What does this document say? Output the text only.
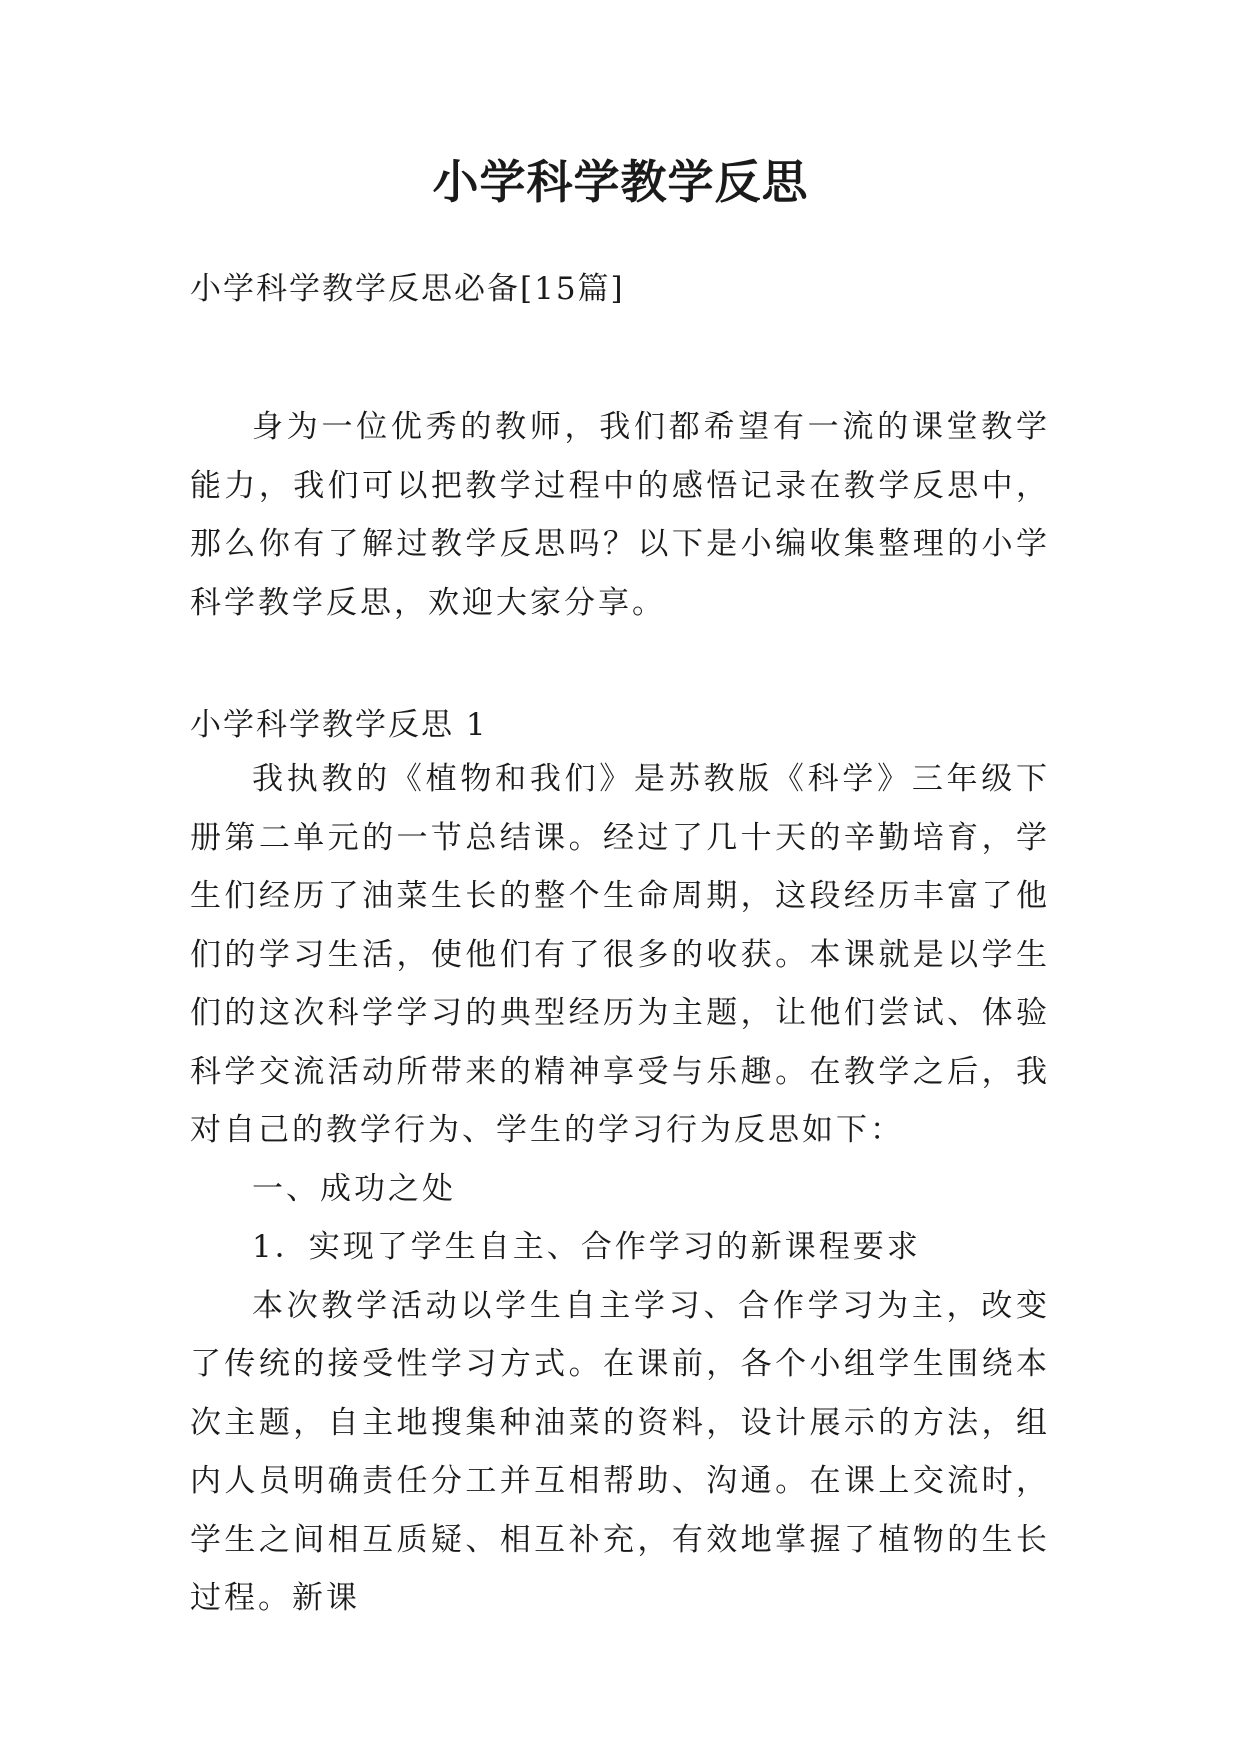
小学科学教学反思
小学科学教学反思必备[15篇]

身为一位优秀的教师，我们都希望有一流的课堂教学能力，我们可以把教学过程中的感悟记录在教学反思中，那么你有了解过教学反思吗？以下是小编收集整理的小学科学教学反思，欢迎大家分享。

小学科学教学反思 1

我执教的《植物和我们》是苏教版《科学》三年级下册第二单元的一节总结课。经过了几十天的辛勤培育，学生们经历了油菜生长的整个生命周期，这段经历丰富了他们的学习生活，使他们有了很多的收获。本课就是以学生们的这次科学学习的典型经历为主题，让他们尝试、体验科学交流活动所带来的精神享受与乐趣。在教学之后，我对自己的教学行为、学生的学习行为反思如下：

一、成功之处

1．实现了学生自主、合作学习的新课程要求

本次教学活动以学生自主学习、合作学习为主，改变了传统的接受性学习方式。在课前，各个小组学生围绕本次主题，自主地搜集种油菜的资料，设计展示的方法，组内人员明确责任分工并互相帮助、沟通。在课上交流时，学生之间相互质疑、相互补充，有效地掌握了植物的生长过程。新课
